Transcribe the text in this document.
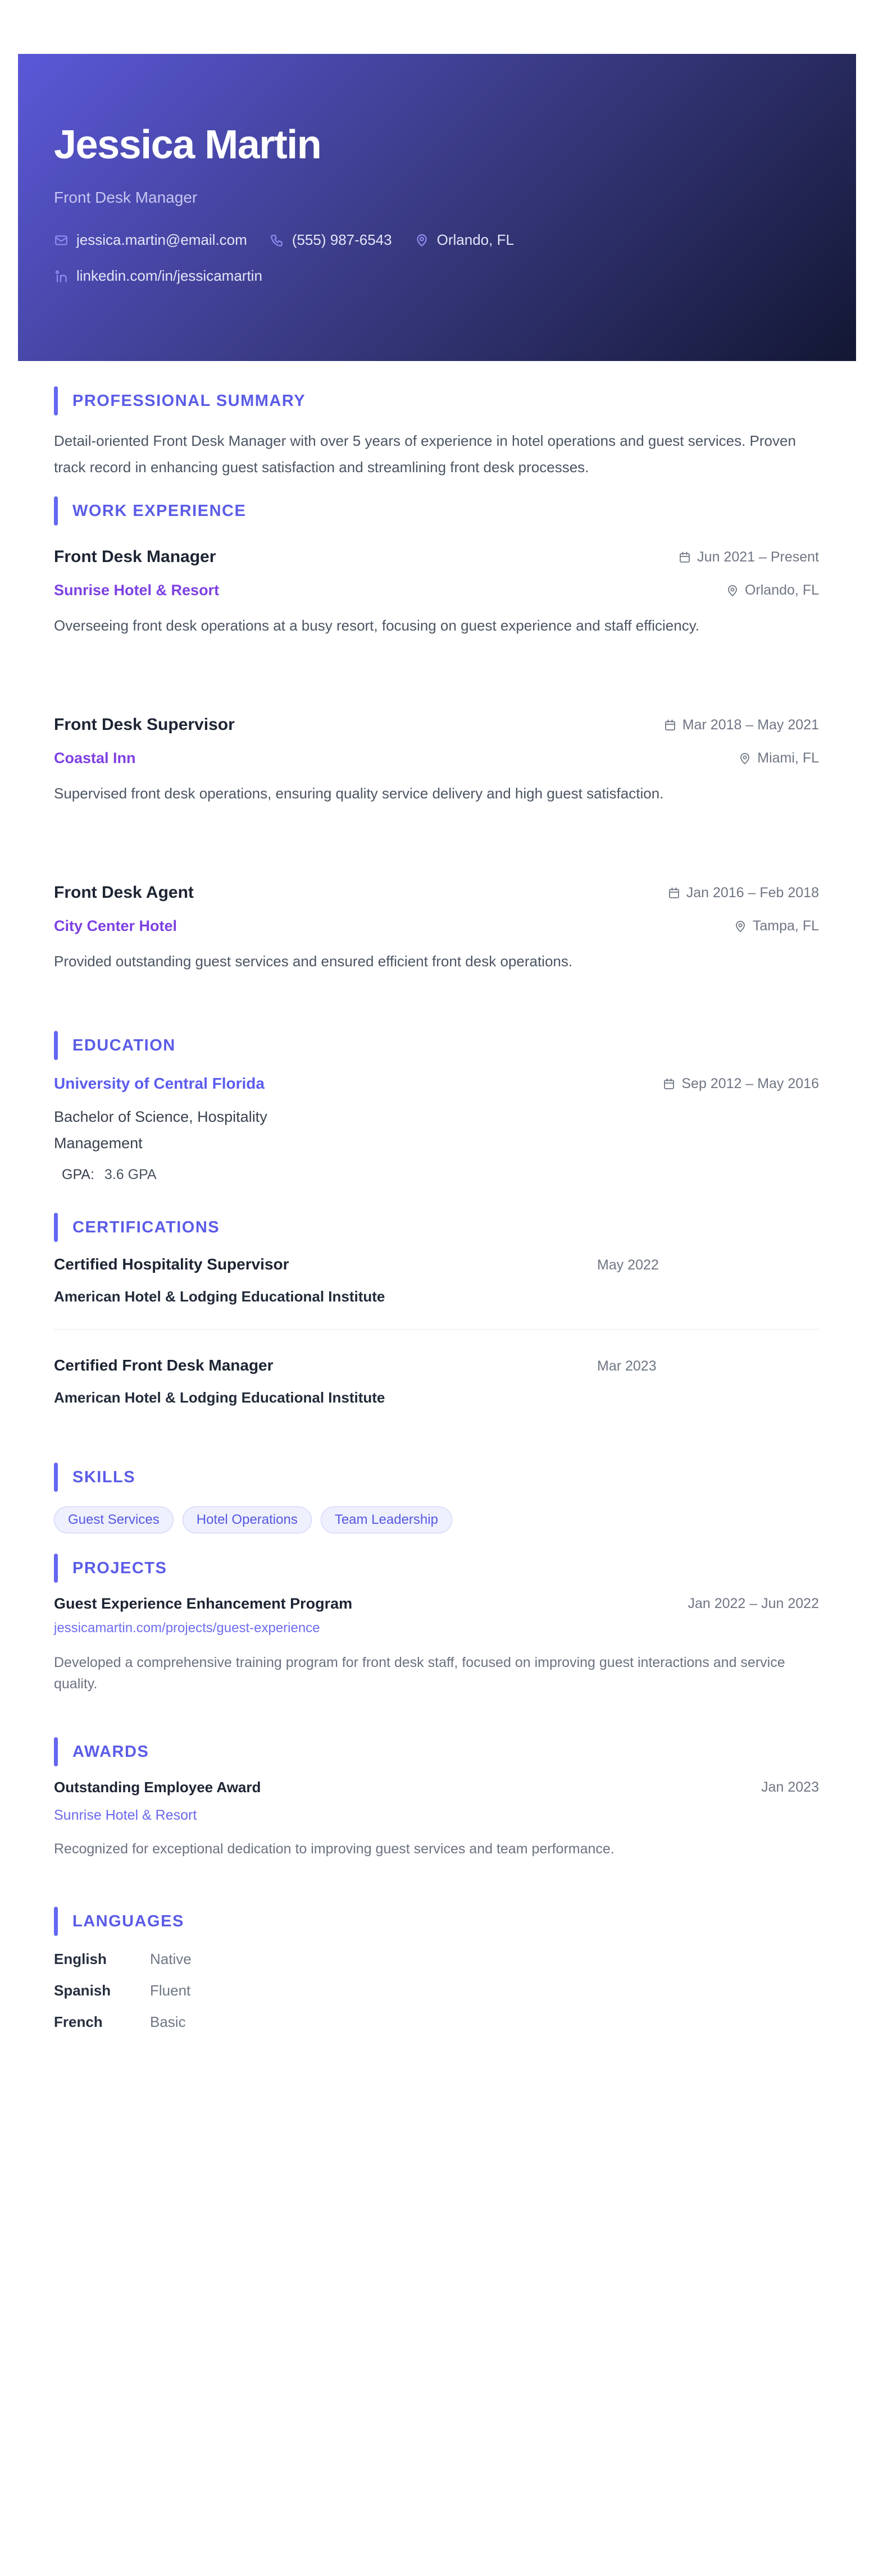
Jessica Martin
Front Desk Manager
jessica.martin@email.com	(555) 987-6543	Orlando, FL
linkedin.com/in/jessicamartin
PROFESSIONAL SUMMARY
Detail-oriented Front Desk Manager with over 5 years of experience in hotel operations and guest services. Proven track record in enhancing guest satisfaction and streamlining front desk processes.
WORK EXPERIENCE
Front Desk Manager	Jun 2021 – Present
Sunrise Hotel & Resort	Orlando, FL
Overseeing front desk operations at a busy resort, focusing on guest experience and staff efficiency.
Front Desk Supervisor	Mar 2018 – May 2021
Coastal Inn	Miami, FL
Supervised front desk operations, ensuring quality service delivery and high guest satisfaction.
Front Desk Agent	Jan 2016 – Feb 2018
City Center Hotel	Tampa, FL
Provided outstanding guest services and ensured efficient front desk operations.
EDUCATION
University of Central Florida	Sep 2012 – May 2016
Bachelor of Science, Hospitality Management
GPA: 3.6 GPA
CERTIFICATIONS
Certified Hospitality Supervisor	May 2022
American Hotel & Lodging Educational Institute
Certified Front Desk Manager	Mar 2023
American Hotel & Lodging Educational Institute
SKILLS
Guest Services	Hotel Operations	Team Leadership
PROJECTS
Guest Experience Enhancement Program	Jan 2022 – Jun 2022
jessicamartin.com/projects/guest-experience
Developed a comprehensive training program for front desk staff, focused on improving guest interactions and service quality.
AWARDS
Outstanding Employee Award	Jan 2023
Sunrise Hotel & Resort
Recognized for exceptional dedication to improving guest services and team performance.
LANGUAGES
English	Native
Spanish	Fluent
French	Basic
